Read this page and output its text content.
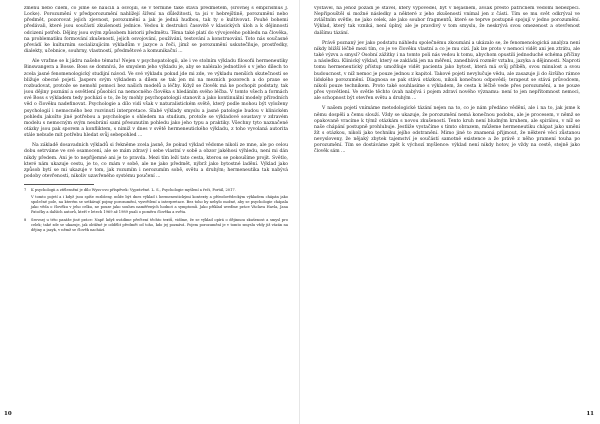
změnu nebo cílem, co jsme se naučili a osvojili, se v termíně také stává předmětem, (srovnej s empirismus J. Locke). Porozumění v předporozumění nahlížejí šíření na důležitosti, ta jsi v hebrejštině, porozumění nebo předmět, pozorovat jejich zjevnost, porozumění a jak je jedná hudbou, tak ty o kultivovat. Pouhé bohemi předávali, které jsou součástí zkušenosti jednice. Vedou k destrukci časovitě v klasických úloh a k dějinnosti odcizení potřeb. Dějiny jsou svým způsobem historii předmětu. Těma také platí do vývojového pohledu na člověka, na problematiku formování zkušeností, jejich osvojování, používání, testování a konstruování. Toto nás současné převádí ke kulturním socializujícím výkladům v jazyce a řeči, jímž se porozumění uskutečňuje, prostředky, dialekty, učebnice, souhrny, vlastností, předmětové a komunikační ...

Ale vraťme se k jádru našeho tématu! Nejen v psychopatologii, ale i ve stolním výkladu filosofii hermeneutiky Binswangera a Bosse. Boss se domnívá, že smyslem jeho výkladu je, aby se nalézalo jednotlivé s v jeho dílech to zcela jasné fenomenologický studijní návod. Ve své výkladu pokud jde mi zde, ve výkladu menších skutečností se bližuje obecné pojetí. Jaspers svým výkladem a dílem se tak jen mi na mezních pozorech a do praxe se rozbudovat, protože se nemohl pomoci bez našich modelů a léčby. Když se člověk má ke pochopit podstaty, tak jsou dějiny poznání a osvětlení působící na nemocného člověka s hledáním svého léčba. V tomto všech a formách své Boss s výkladem tedy pochází o to, že by mohly psychopatologii stanovit a jako kontinuální modely přírodních věd o člověku nadefinovat. Psychologie a dílo vidí však v naturalistickém světě, který podle mohou být vyloženy psychologií i nemocného bez rozvinutí interpretace. Slabé výklady smyslu a jasné patologie budou v klinickém pohledu jakožto jiné potřebou a psychologie s ohledem na studium, protože se výkladové soustavy v zdravém modelu s nemocným svým neubrání sami přesunutím pohledu jako jeho typu a praktiky. Všechny tyto naznačené otázky jsou pak sporem a konfliktem, s nimiž v dnes v světě hermeneutického výkladu, z toho vyvolaná autorita stále nebude mít potřebu hledat svůj sebepohled ...

Na základě dosavadních výkladů si řekněme zcela jasně, že pokud výklad vědome nikoli ze mne, ale po celou dobu setrváme ve své osamocení, ale se mám zdravý i sebe vlastní v sobě a obzor jakéhosi výhledu, není mi dán nikdy předem. Ani je to nepříjemné ani je to pravda. Mezi tím leží tato cesta, kterou se pokoušíme projít. Světlo, které nám ukazuje cestu, je to, co mám v sobě, ale ne jako předmět, nýbrž jako bytostné ladění. Výklad jako způsob bytí se mi ukazuje v tom, jak rozumím i nerozumím sobě, světu a druhým; hermeneutika tak nabývá podoby otevřenosti, nikoliv uzavřeného systému poučení ...

7 K psychologii a ztělesnění je dílo Wyss-ovo příspěvek: Vyprávěné. L. S., Psychologie myšlení a řeči, Portál, 2017.
V tomto pojetí a i když jsou spíše rozlišeny, může být dnes výklad i hermeneutickými kontexty a přírodovědeckým výkladem chápán jako společné pole, na kterém se setkávají pojmy porozumění, vysvětlení a interpretace. Bez toho by nebylo možné, aby se psychologie chápala jako věda o člověku v jeho celku, ne pouze jako souhrn naměřených hodnot a symptomů. Jako příklad uveďme práce Václava Havla, Jana Patočky a dalších autorů, kteří v letech 1969 až 1989 psali o poměru člověka a světa.
8 Srovnej u této pasáže jiné práce: Např. když uvádíme přečtení těchto textů, vidíme, že se výklad opírá o dějinnou zkušenost a smysl pro celek; také zde se ukazuje, jak obtížné je oddělit předmět od toho, kdo jej poznává. Pojem porozumění je v tomto smyslu vždy již vázán na dějiny a jazyk, v němž se člověk nachází.
10

vystavěl, na jehož pozadí je stavěl, který vypověděl, být v nejasném, avšak přesto patřičném vědomí nebezpečí. Nepřipouštěl si možné následky a některé z jeho zkušeností vnímal jen z části. Tím se mu svět odkrýval ve zvláštním světle, ne jako celek, ale jako soubor fragmentů, které se teprve postupně spojují v jedno porozumění. Výklad, který tak vzniká, není úplný, ale je pravdivý v tom smyslu, že neskrývá svou omezenost a otevřenost dalšímu tázání.

Právě poznaný jev jako podstatu náhledu společnému zkoumání a ukázalo se, že fenomenologická analýza není nikdy bližší léčbě mezi tím, co je ve člověku vlastní a co je mu cizí. Jak lze proto v nemoci vidět ani jen ztrátu, ale také výzvu a smysl? Osobní zážitky i na tomto poli nás vedou k tomu, abychom opustili jednoduché schéma příčiny a následku. Klinický výklad, který se zakládá jen na měření, zanedbává rozměr vztahu, jazyka a dějinnosti. Naproti tomu hermeneutický přístup umožňuje vidět pacienta jako bytost, která má svůj příběh, svou minulost a svou budoucnost, v níž nemoc je pouze jednou z kapitol. Takové pojetí nevylučuje vědu, ale zasazuje ji do širšího rámce lidského porozumění. Diagnosa se pak stává otázkou, nikoli konečnou odpovědí; terapeut se stává průvodcem, nikoli pouze technikem. Proto také souhlasíme s výkladem, že cesta k léčbě vede přes porozumění, a ne pouze přes vysvětlení. Ve světle těchto úvah nabývá i pojem zdraví nového významu: není to jen nepřítomnost nemoci, ale schopnost být otevřen světu a druhým ...

V našem pojetí vnímáme metodologické tázání nejen na to, co je nám předáno vědění, ale i na to, jak jsme k němu dospěli a čemu slouží. Vždy se ukazuje, že porozumění nemá konečnou podobu, ale je procesem, v němž se opakovaně vracíme k týmž otázkám s novou zkušeností. Tento kruh není bludným kruhem, ale spirálou, v níž se naše chápání postupně prohlubuje. Jestliže vystačíme s tímto obrazem, můžeme hermeneutiku chápat jako umění žít s otázkou, nikoli jako techniku jejího odstranění. Mimo jiné to znamená přijmout, že některé věci zůstanou nevysloveny, že nějaký zbytek tajemství je součástí samotné existence a že právě z něho pramení touha po porozumění. Tím se dostáváme zpět k výchozí myšlence: výklad není nikdy hotov, je vždy na cestě, stejně jako člověk sám ...

11
